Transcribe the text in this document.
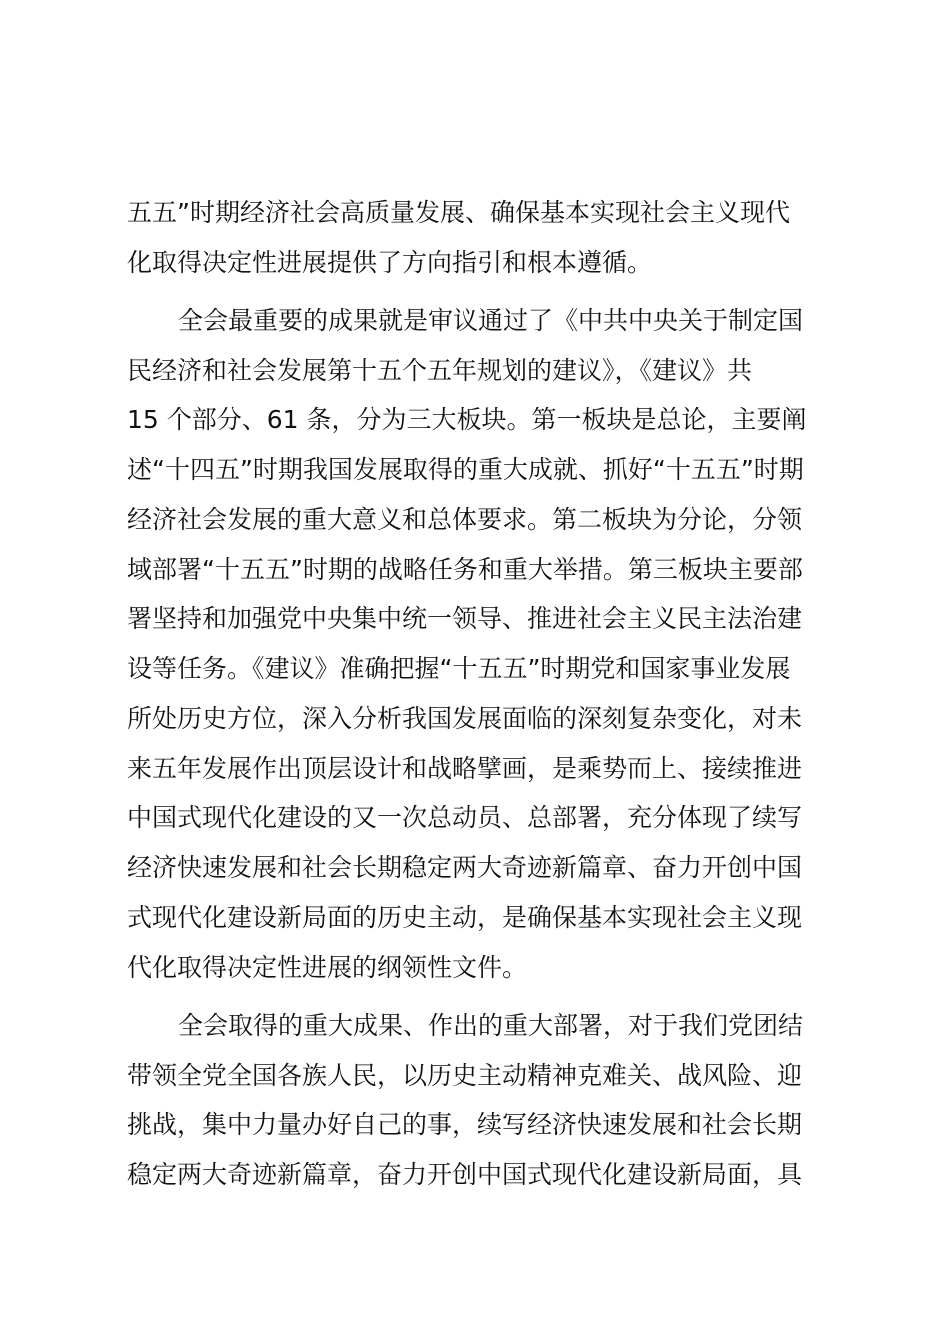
五五”时期经济社会高质量发展、确保基本实现社会主义现代
化取得决定性进展提供了方向指引和根本遵循。
全会最重要的成果就是审议通过了《中共中央关于制定国
民经济和社会发展第十五个五年规划的建议》，《建议》共
15 个部分、61 条，分为三大板块。第一板块是总论，主要阐
述“十四五”时期我国发展取得的重大成就、抓好“十五五”时期
经济社会发展的重大意义和总体要求。第二板块为分论，分领
域部署“十五五”时期的战略任务和重大举措。第三板块主要部
署坚持和加强党中央集中统一领导、推进社会主义民主法治建
设等任务。《建议》准确把握“十五五”时期党和国家事业发展
所处历史方位，深入分析我国发展面临的深刻复杂变化，对未
来五年发展作出顶层设计和战略擘画，是乘势而上、接续推进
中国式现代化建设的又一次总动员、总部署，充分体现了续写
经济快速发展和社会长期稳定两大奇迹新篇章、奋力开创中国
式现代化建设新局面的历史主动，是确保基本实现社会主义现
代化取得决定性进展的纲领性文件。
全会取得的重大成果、作出的重大部署，对于我们党团结
带领全党全国各族人民，以历史主动精神克难关、战风险、迎
挑战，集中力量办好自己的事，续写经济快速发展和社会长期
稳定两大奇迹新篇章，奋力开创中国式现代化建设新局面，具
